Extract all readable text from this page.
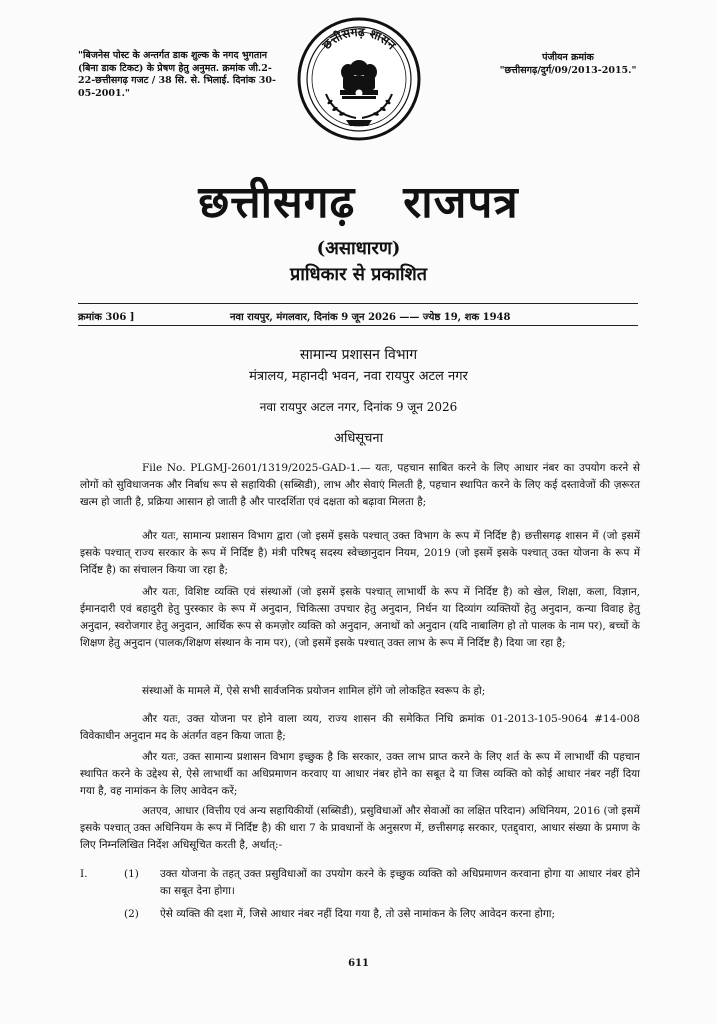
"बिजनेस पोस्ट के अन्तर्गत डाक शुल्क के नगद भुगतान (बिना डाक टिकट) के प्रेषण हेतु अनुमत. क्रमांक जी.2-22-छत्तीसगढ़ गजट / 38 सि. से. भिलाई. दिनांक 30-05-2001."
पंजीयन क्रमांक
"छत्तीसगढ़/दुर्ग/09/2013-2015."
छत्तीसगढ़ शासन
छत्तीसगढ़ राजपत्र
(असाधारण)
प्राधिकार से प्रकाशित
क्रमांक 306 ]	नवा रायपुर, मंगलवार, दिनांक 9 जून 2026 —— ज्येष्ठ 19, शक 1948
सामान्य प्रशासन विभाग
मंत्रालय, महानदी भवन, नवा रायपुर अटल नगर
नवा रायपुर अटल नगर, दिनांक 9 जून 2026
अधिसूचना
File No. PLGMJ-2601/1319/2025-GAD-1.— यतः, पहचान साबित करने के लिए आधार नंबर का उपयोग करने से लोगों को सुविधाजनक और निर्बाध रूप से सहायिकी (सब्सिडी), लाभ और सेवाएं मिलती है, पहचान स्थापित करने के लिए कई दस्तावेजों की ज़रूरत खत्म हो जाती है, प्रक्रिया आसान हो जाती है और पारदर्शिता एवं दक्षता को बढ़ावा मिलता है;
और यतः, सामान्य प्रशासन विभाग द्वारा (जो इसमें इसके पश्चात् उक्त विभाग के रूप में निर्दिष्ट है) छत्तीसगढ़ शासन में (जो इसमें इसके पश्चात् राज्य सरकार के रूप में निर्दिष्ट है) मंत्री परिषद् सदस्य स्वेच्छानुदान नियम, 2019 (जो इसमें इसके पश्चात् उक्त योजना के रूप में निर्दिष्ट है) का संचालन किया जा रहा है;
और यतः, विशिष्ट व्यक्ति एवं संस्थाओं (जो इसमें इसके पश्चात् लाभार्थी के रूप में निर्दिष्ट है) को खेल, शिक्षा, कला, विज्ञान, ईमानदारी एवं बहादुरी हेतु पुरस्कार के रूप में अनुदान, चिकित्सा उपचार हेतु अनुदान, निर्धन या दिव्यांग व्यक्तियों हेतु अनुदान, कन्या विवाह हेतु अनुदान, स्वरोजगार हेतु अनुदान, आर्थिक रूप से कमज़ोर व्यक्ति को अनुदान, अनाथों को अनुदान (यदि नाबालिग हो तो पालक के नाम पर), बच्चों के शिक्षण हेतु अनुदान (पालक/शिक्षण संस्थान के नाम पर), (जो इसमें इसके पश्चात् उक्त लाभ के रूप में निर्दिष्ट है) दिया जा रहा है;
संस्थाओं के मामले में, ऐसे सभी सार्वजनिक प्रयोजन शामिल होंगे जो लोकहित स्वरूप के हो;
और यतः, उक्त योजना पर होने वाला व्यय, राज्य शासन की समेकित निधि क्रमांक 01-2013-105-9064 #14-008 विवेकाधीन अनुदान मद के अंतर्गत वहन किया जाता है;
और यतः, उक्त सामान्य प्रशासन विभाग इच्छुक है कि सरकार, उक्त लाभ प्राप्त करने के लिए शर्त के रूप में लाभार्थी की पहचान स्थापित करने के उद्देश्य से, ऐसे लाभार्थी का अधिप्रमाणन करवाए या आधार नंबर होने का सबूत दे या जिस व्यक्ति को कोई आधार नंबर नहीं दिया गया है, वह नामांकन के लिए आवेदन करें;
अतएव, आधार (वित्तीय एवं अन्य सहायिकीयों (सब्सिडी), प्रसुविधाओं और सेवाओं का लक्षित परिदान) अधिनियम, 2016 (जो इसमें इसके पश्चात् उक्त अधिनियम के रूप में निर्दिष्ट है) की धारा 7 के प्रावधानों के अनुसरण में, छत्तीसगढ़ सरकार, एतद्द्वारा, आधार संख्या के प्रमाण के लिए निम्नलिखित निर्देश अधिसूचित करती है, अर्थात्:-
I.	(1) उक्त योजना के तहत् उक्त प्रसुविधाओं का उपयोग करने के इच्छुक व्यक्ति को अधिप्रमाणन करवाना होगा या आधार नंबर होने का सबूत देना होगा।
(2) ऐसे व्यक्ति की दशा में, जिसे आधार नंबर नहीं दिया गया है, तो उसे नामांकन के लिए आवेदन करना होगा;
611
